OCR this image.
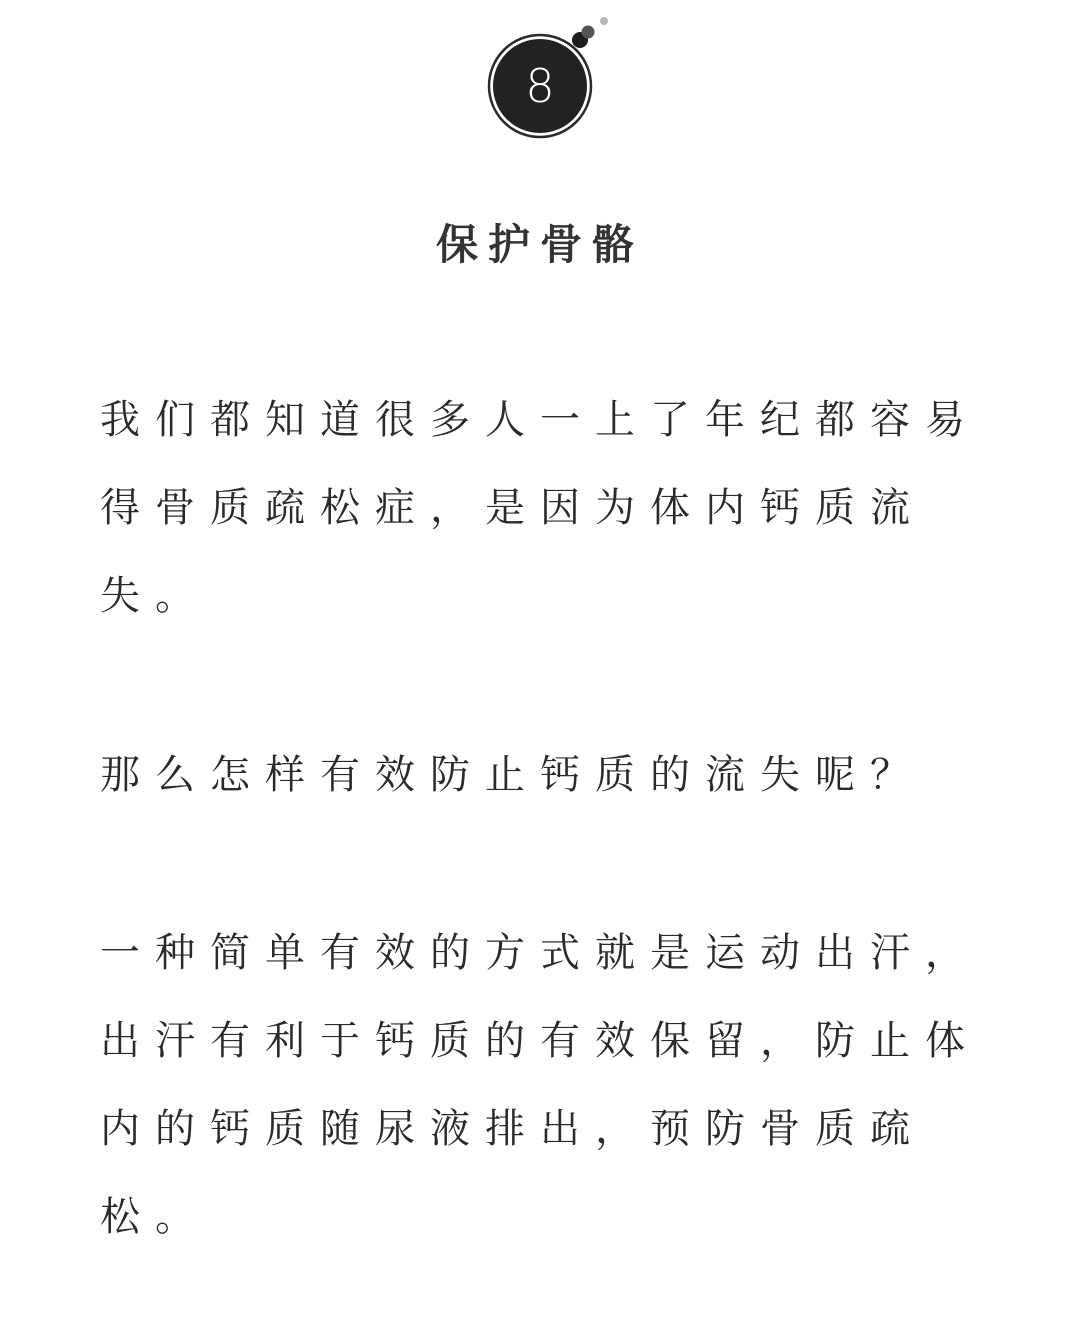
8
保护骨骼
我们都知道很多人一上了年纪都容易
得骨质疏松症，是因为体内钙质流
失。
那么怎样有效防止钙质的流失呢？
一种简单有效的方式就是运动出汗，
出汗有利于钙质的有效保留，防止体
内的钙质随尿液排出，预防骨质疏
松。
